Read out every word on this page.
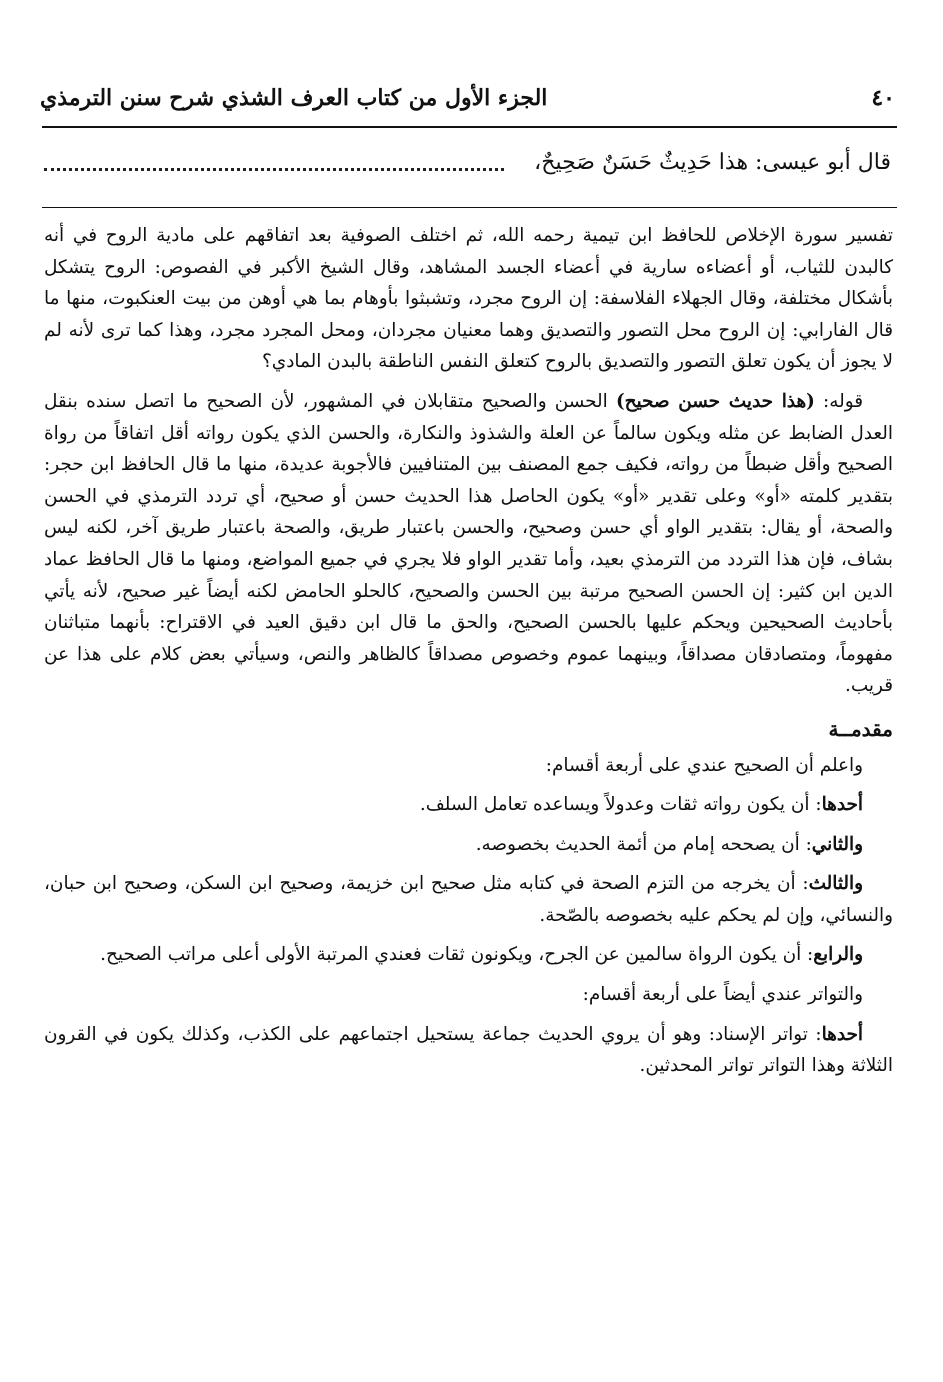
٤٠
الجزء الأول من كتاب العرف الشذي شرح سنن الترمذي
قال أبو عيسى: هذا حَدِيثٌ حَسَنٌ صَحِيحٌ،

تفسير سورة الإخلاص للحافظ ابن تيمية رحمه الله، ثم اختلف الصوفية بعد اتفاقهم على مادية الروح في أنه كالبدن للثياب، أو أعضاءه سارية في أعضاء الجسد المشاهد، وقال الشيخ الأكبر في الفصوص: الروح يتشكل بأشكال مختلفة، وقال الجهلاء الفلاسفة: إن الروح مجرد، وتشبثوا بأوهام بما هي أوهن من بيت العنكبوت، منها ما قال الفارابي: إن الروح محل التصور والتصديق وهما معنيان مجردان، ومحل المجرد مجرد، وهذا كما ترى لأنه لم لا يجوز أن يكون تعلق التصور والتصديق بالروح كتعلق النفس الناطقة بالبدن المادي؟

قوله: (هذا حديث حسن صحيح) الحسن والصحيح متقابلان في المشهور، لأن الصحيح ما اتصل سنده بنقل العدل الضابط عن مثله ويكون سالماً عن العلة والشذوذ والنكارة، والحسن الذي يكون رواته أقل اتفاقاً من رواة الصحيح وأقل ضبطاً من رواته، فكيف جمع المصنف بين المتنافيين فالأجوبة عديدة، منها ما قال الحافظ ابن حجر: بتقدير كلمته «أو» وعلى تقدير «أو» يكون الحاصل هذا الحديث حسن أو صحيح، أي تردد الترمذي في الحسن والصحة، أو يقال: بتقدير الواو أي حسن وصحيح، والحسن باعتبار طريق، والصحة باعتبار طريق آخر، لكنه ليس بشاف، فإن هذا التردد من الترمذي بعيد، وأما تقدير الواو فلا يجري في جميع المواضع، ومنها ما قال الحافظ عماد الدين ابن كثير: إن الحسن الصحيح مرتبة بين الحسن والصحيح، كالحلو الحامض لكنه أيضاً غير صحيح، لأنه يأتي بأحاديث الصحيحين ويحكم عليها بالحسن الصحيح، والحق ما قال ابن دقيق العيد في الاقتراح: بأنهما متباثنان مفهوماً، ومتصادقان مصداقاً، وبينهما عموم وخصوص مصداقاً كالظاهر والنص، وسيأتي بعض كلام على هذا عن قريب.

مقدمــة

واعلم أن الصحيح عندي على أربعة أقسام:

أحدها: أن يكون رواته ثقات وعدولاً ويساعده تعامل السلف.

والثاني: أن يصححه إمام من أئمة الحديث بخصوصه.

والثالث: أن يخرجه من التزم الصحة في كتابه مثل صحيح ابن خزيمة، وصحيح ابن السكن، وصحيح ابن حبان، والنسائي، وإن لم يحكم عليه بخصوصه بالصّحة.

والرابع: أن يكون الرواة سالمين عن الجرح، ويكونون ثقات فعندي المرتبة الأولى أعلى مراتب الصحيح.

والتواتر عندي أيضاً على أربعة أقسام:

أحدها: تواتر الإسناد: وهو أن يروي الحديث جماعة يستحيل اجتماعهم على الكذب، وكذلك يكون في القرون الثلاثة وهذا التواتر تواتر المحدثين.
